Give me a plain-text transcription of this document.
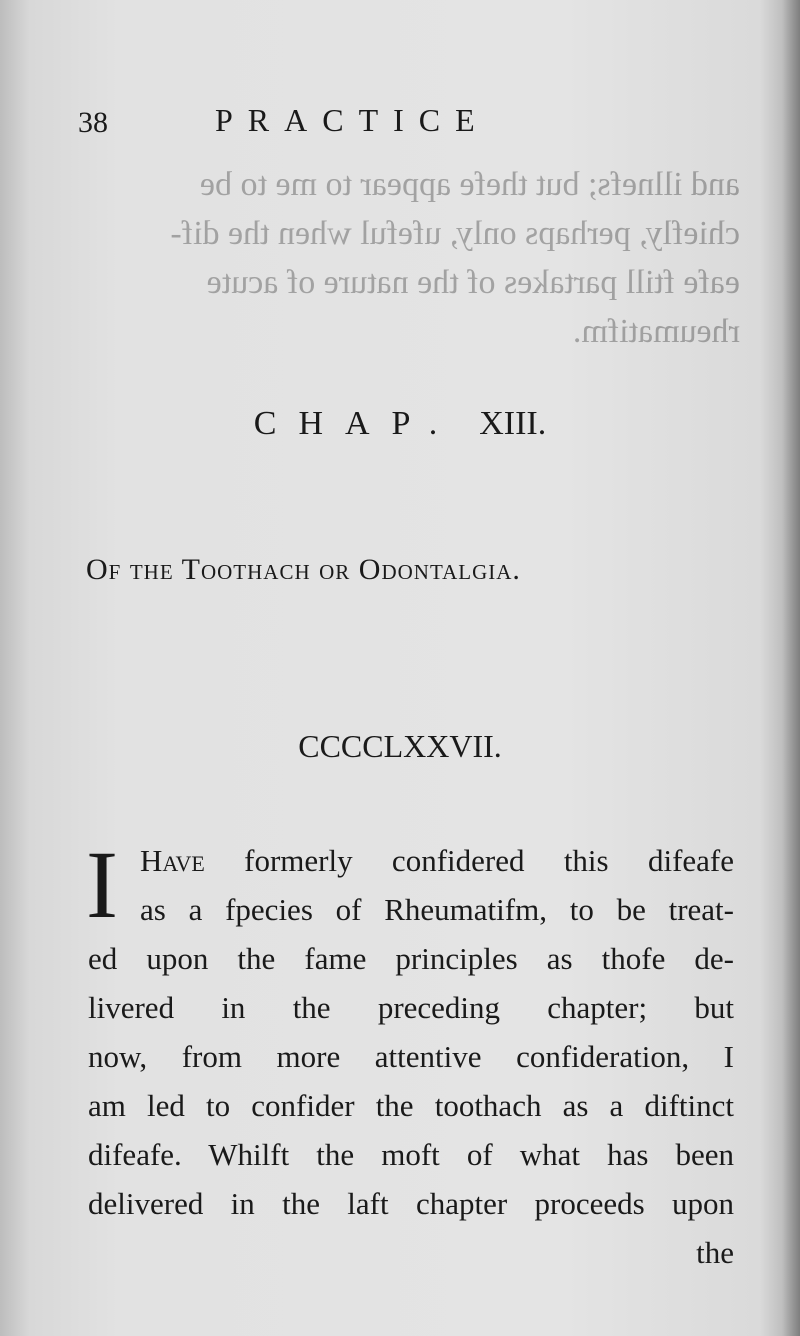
and illnefs; but thefe appear to me to be
chiefly, perhaps only, ufeful when the dif-
eafe ftill partakes of the nature of acute
rheumatifm.
38	PRACTICE
CHAP. XIII.
Of the Toothach or Odontalgia.
CCCCLXXVII.
I Have formerly confidered this difeafe
as a fpecies of Rheumatifm, to be treat-
ed upon the fame principles as thofe de-
livered in the preceding chapter; but
now, from more attentive confideration, I
am led to confider the toothach as a diftinct
difeafe. Whilft the moft of what has been
delivered in the laft chapter proceeds upon
the
